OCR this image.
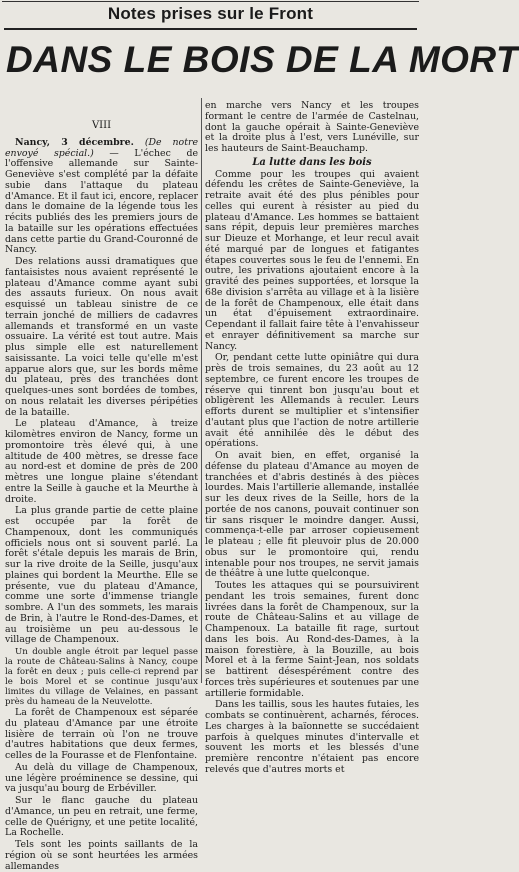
Notes prises sur le Front
DANS LE BOIS DE LA MORT
VIII

Nancy, 3 décembre. (De notre envoyé spécial.) — L'échec de l'offensive allemande sur Sainte-Geneviève s'est complété par la défaite subie dans l'attaque du plateau d'Amance. Et il faut ici, encore, replacer dans le domaine de la légende tous les récits publiés des les premiers jours de la bataille sur les opérations effectuées dans cette partie du Grand-Couronné de Nancy.

Des relations aussi dramatiques que fantaisistes nous avaient représenté le plateau d'Amance comme ayant subi des assauts furieux. On nous avait esquissé un tableau sinistre de ce terrain jonché de milliers de cadavres allemands et transformé en un vaste ossuaire. La vérité est tout autre. Mais plus simple elle est naturellement saisissante. La voici telle qu'elle m'est apparue alors que, sur les bords même du plateau, près des tranchées dont quelques-unes sont bordées de tombes, on nous relatait les diverses péripéties de la bataille.

Le plateau d'Amance, à treize kilomètres environ de Nancy, forme un promontoire très élevé qui, à une altitude de 400 mètres, se dresse face au nord-est et domine de près de 200 mètres une longue plaine s'étendant entre la Seille à gauche et la Meurthe à droite.

La plus grande partie de cette plaine est occupée par la forêt de Champenoux, dont les communiqués officiels nous ont si souvent parlé. La forêt s'étale depuis les marais de Brin, sur la rive droite de la Seille, jusqu'aux plaines qui bordent la Meurthe. Elle se présente, vue du plateau d'Amance, comme une sorte d'immense triangle sombre. A l'un des sommets, les marais de Brin, à l'autre le Rond-des-Dames, et au troisième un peu au-dessous le village de Champenoux.

Un double angle étroit par lequel passe la route de Château-Salins à Nancy, coupe la forêt en deux ; puis celle-ci reprend par le bois Morel et se continue jusqu'aux limites du village de Velaines, en passant près du hameau de la Neuvelotte.

La forêt de Champenoux est séparée du plateau d'Amance par une étroite lisière de terrain où l'on ne trouve d'autres habitations que deux fermes, celles de la Fourasse et de Flenfontaine.

Au delà du village de Champenoux, une légère proéminence se dessine, qui va jusqu'au bourg de Erbéviller.

Sur le flanc gauche du plateau d'Amance, un peu en retrait, une ferme, celle de Quérigny, et une petite localité, La Rochelle.

Tels sont les points saillants de la région où se sont heurtées les armées allemandes

en marche vers Nancy et les troupes formant le centre de l'armée de Castelnau, dont la gauche opérait à Sainte-Geneviève et la droite plus à l'est, vers Lunéville, sur les hauteurs de Saint-Beauchamp.

La lutte dans les bois

Comme pour les troupes qui avaient défendu les crêtes de Sainte-Geneviève, la retraite avait été des plus pénibles pour celles qui eurent à résister au pied du plateau d'Amance. Les hommes se battaient sans répit, depuis leur premières marches sur Dieuze et Morhange, et leur recul avait été marqué par de longues et fatigantes étapes couvertes sous le feu de l'ennemi. En outre, les privations ajoutaient encore à la gravité des peines supportées, et lorsque la 68e division s'arrêta au village et à la lisière de la forêt de Champenoux, elle était dans un état d'épuisement extraordinaire. Cependant il fallait faire tête à l'envahisseur et enrayer définitivement sa marche sur Nancy.

Or, pendant cette lutte opiniâtre qui dura près de trois semaines, du 23 août au 12 septembre, ce furent encore les troupes de réserve qui tinrent bon jusqu'au bout et obligèrent les Allemands à reculer. Leurs efforts durent se multiplier et s'intensifier d'autant plus que l'action de notre artillerie avait été annihilée dès le début des opérations.

On avait bien, en effet, organisé la défense du plateau d'Amance au moyen de tranchées et d'abris destinés à des pièces lourdes. Mais l'artillerie allemande, installée sur les deux rives de la Seille, hors de la portée de nos canons, pouvait continuer son tir sans risquer le moindre danger. Aussi, commença-t-elle par arroser copieusement le plateau ; elle fit pleuvoir plus de 20.000 obus sur le promontoire qui, rendu intenable pour nos troupes, ne servit jamais de théâtre à une lutte quelconque.

Toutes les attaques qui se poursuivirent pendant les trois semaines, furent donc livrées dans la forêt de Champenoux, sur la route de Château-Salins et au village de Champenoux. La bataille fit rage, surtout dans les bois. Au Rond-des-Dames, à la maison forestière, à la Bouzille, au bois Morel et à la ferme Saint-Jean, nos soldats se battirent désespérément contre des forces très supérieures et soutenues par une artillerie formidable.

Dans les taillis, sous les hautes futaies, les combats se continuèrent, acharnés, féroces. Les charges à la baïonnette se succédaient parfois à quelques minutes d'intervalle et souvent les morts et les blessés d'une première rencontre n'étaient pas encore relevés que d'autres morts et
